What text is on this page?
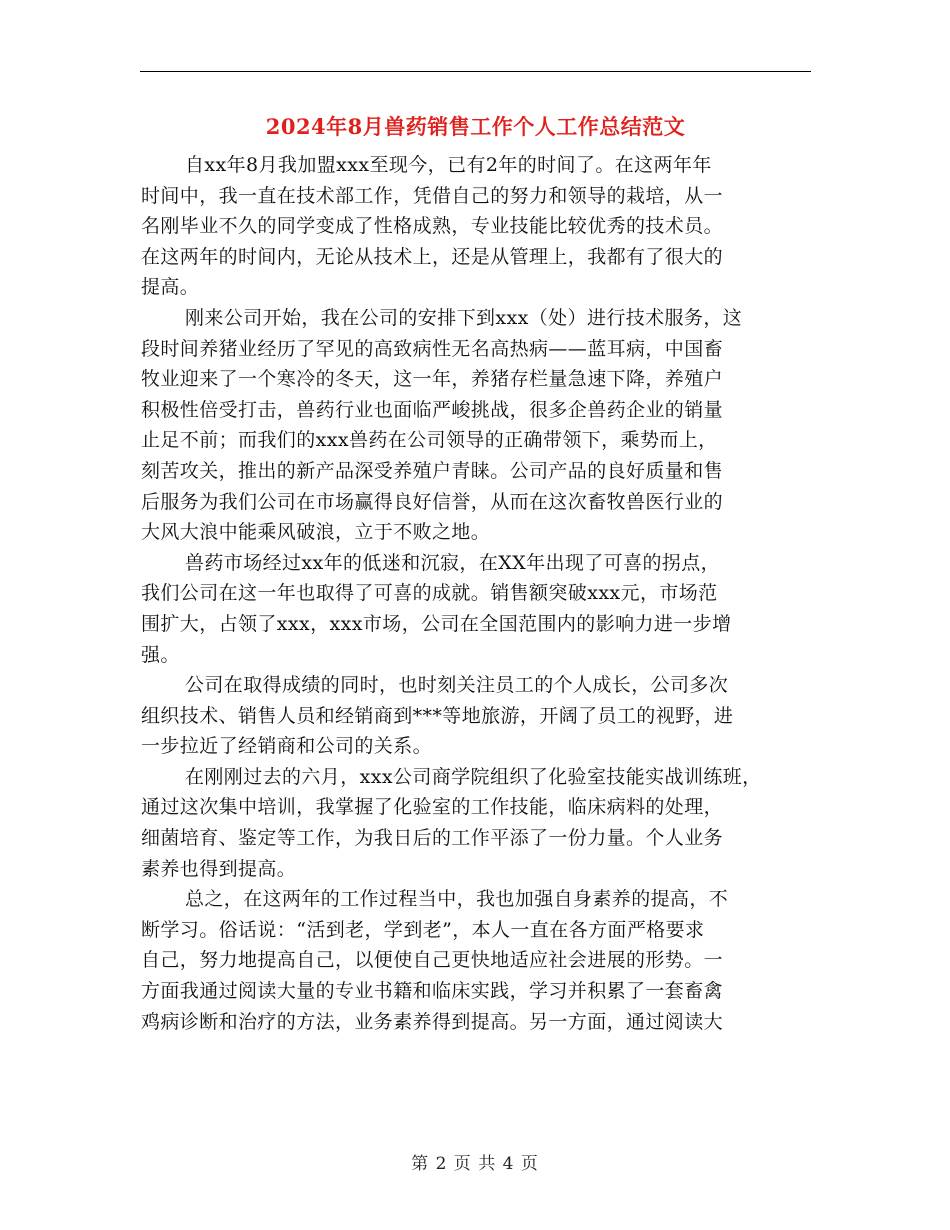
2024年8月兽药销售工作个人工作总结范文
自xx年8月我加盟xxx至现今，已有2年的时间了。在这两年年
时间中，我一直在技术部工作，凭借自己的努力和领导的栽培，从一
名刚毕业不久的同学变成了性格成熟，专业技能比较优秀的技术员。
在这两年的时间内，无论从技术上，还是从管理上，我都有了很大的
提高。
刚来公司开始，我在公司的安排下到xxx（处）进行技术服务，这
段时间养猪业经历了罕见的高致病性无名高热病——蓝耳病，中国畜
牧业迎来了一个寒冷的冬天，这一年，养猪存栏量急速下降，养殖户
积极性倍受打击，兽药行业也面临严峻挑战，很多企兽药企业的销量
止足不前；而我们的xxx兽药在公司领导的正确带领下，乘势而上，
刻苦攻关，推出的新产品深受养殖户青睐。公司产品的良好质量和售
后服务为我们公司在市场赢得良好信誉，从而在这次畜牧兽医行业的
大风大浪中能乘风破浪，立于不败之地。
兽药市场经过xx年的低迷和沉寂，在XX年出现了可喜的拐点，
我们公司在这一年也取得了可喜的成就。销售额突破xxx元，市场范
围扩大，占领了xxx，xxx市场，公司在全国范围内的影响力进一步增
强。
公司在取得成绩的同时，也时刻关注员工的个人成长，公司多次
组织技术、销售人员和经销商到***等地旅游，开阔了员工的视野，进
一步拉近了经销商和公司的关系。
在刚刚过去的六月，xxx公司商学院组织了化验室技能实战训练班，
通过这次集中培训，我掌握了化验室的工作技能，临床病料的处理，
细菌培育、鉴定等工作，为我日后的工作平添了一份力量。个人业务
素养也得到提高。
总之，在这两年的工作过程当中，我也加强自身素养的提高，不
断学习。俗话说：“活到老，学到老”，本人一直在各方面严格要求
自己，努力地提高自己，以便使自己更快地适应社会进展的形势。一
方面我通过阅读大量的专业书籍和临床实践，学习并积累了一套畜禽
鸡病诊断和治疗的方法，业务素养得到提高。另一方面，通过阅读大
第 2 页 共 4 页
